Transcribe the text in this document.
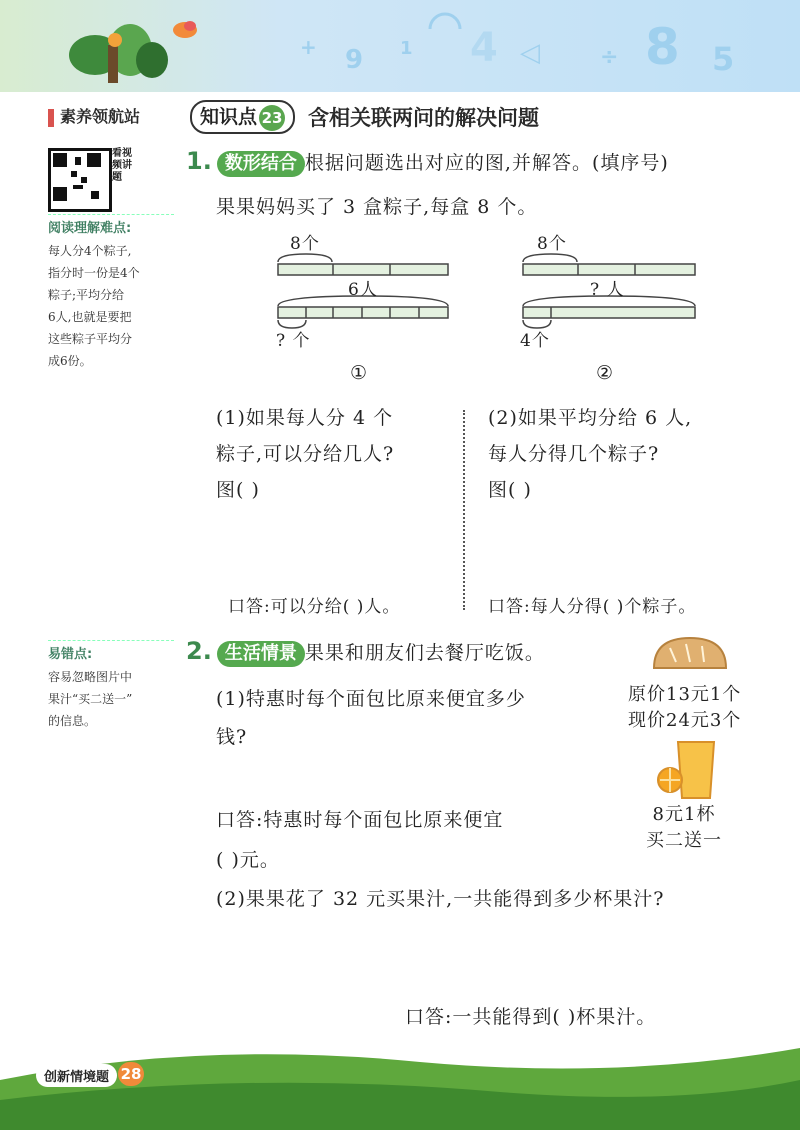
+ 9 1 4 ◁	÷ 8 5
素养领航站	知识点 23	含相关联两问的解决问题
看视频讲题
阅读理解难点:
每人分4个粽子,
指分时一份是4个
粽子;平均分给
6人,也就是要把
这些粽子平均分
成6份。
易错点:
容易忽略图片中
果汁“买二送一”
的信息。
1. 数形结合 根据问题选出对应的图,并解答。(填序号)
果果妈妈买了 3 盒粽子,每盒 8 个。
8个
6人
? 个
①
8个
? 人
4个
②
(1)如果每人分 4 个
粽子,可以分给几人?
图( )
(2)如果平均分给 6 人,
每人分得几个粽子?
图( )
口答:可以分给( )人。	口答:每人分得( )个粽子。
2. 生活情景 果果和朋友们去餐厅吃饭。
原价13元1个
现价24元3个
8元1杯
买二送一
(1)特惠时每个面包比原来便宜多少
钱?
口答:特惠时每个面包比原来便宜
( )元。
(2)果果花了 32 元买果汁,一共能得到多少杯果汁?
口答:一共能得到( )杯果汁。
创新情境题 28
